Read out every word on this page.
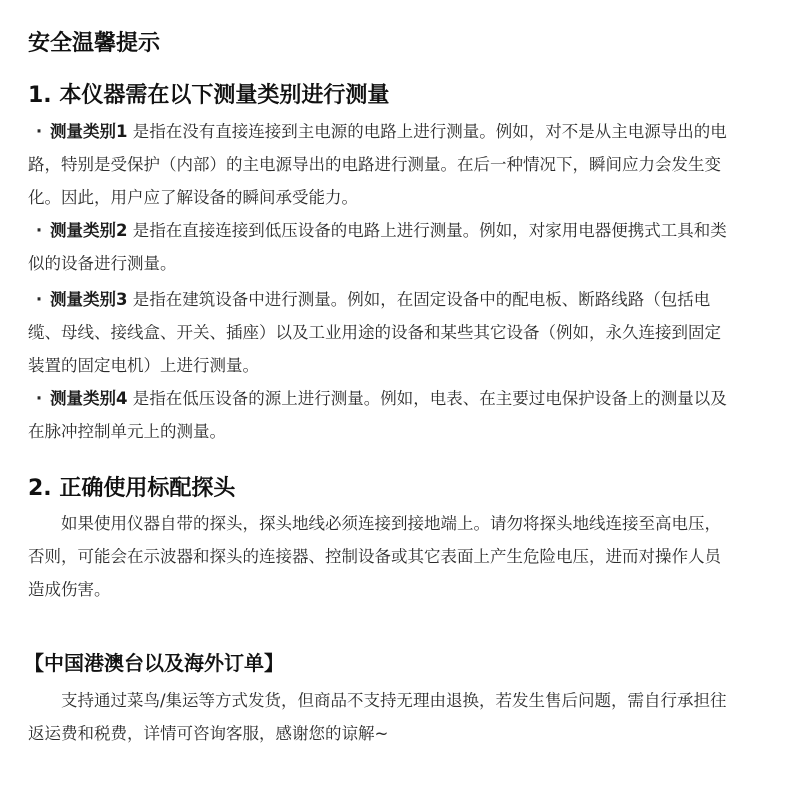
安全温馨提示
1. 本仪器需在以下测量类别进行测量
· 测量类别1 是指在没有直接连接到主电源的电路上进行测量。例如，对不是从主电源导出的电路，特别是受保护（内部）的主电源导出的电路进行测量。在后一种情况下，瞬间应力会发生变化。因此，用户应了解设备的瞬间承受能力。
· 测量类别2 是指在直接连接到低压设备的电路上进行测量。例如，对家用电器便携式工具和类似的设备进行测量。
· 测量类别3 是指在建筑设备中进行测量。例如，在固定设备中的配电板、断路线路（包括电缆、母线、接线盒、开关、插座）以及工业用途的设备和某些其它设备（例如，永久连接到固定装置的固定电机）上进行测量。
· 测量类别4 是指在低压设备的源上进行测量。例如，电表、在主要过电保护设备上的测量以及在脉冲控制单元上的测量。
2. 正确使用标配探头
如果使用仪器自带的探头，探头地线必须连接到接地端上。请勿将探头地线连接至高电压，否则，可能会在示波器和探头的连接器、控制设备或其它表面上产生危险电压，进而对操作人员造成伤害。
【中国港澳台以及海外订单】
支持通过菜鸟/集运等方式发货，但商品不支持无理由退换，若发生售后问题，需自行承担往返运费和税费，详情可咨询客服，感谢您的谅解~
